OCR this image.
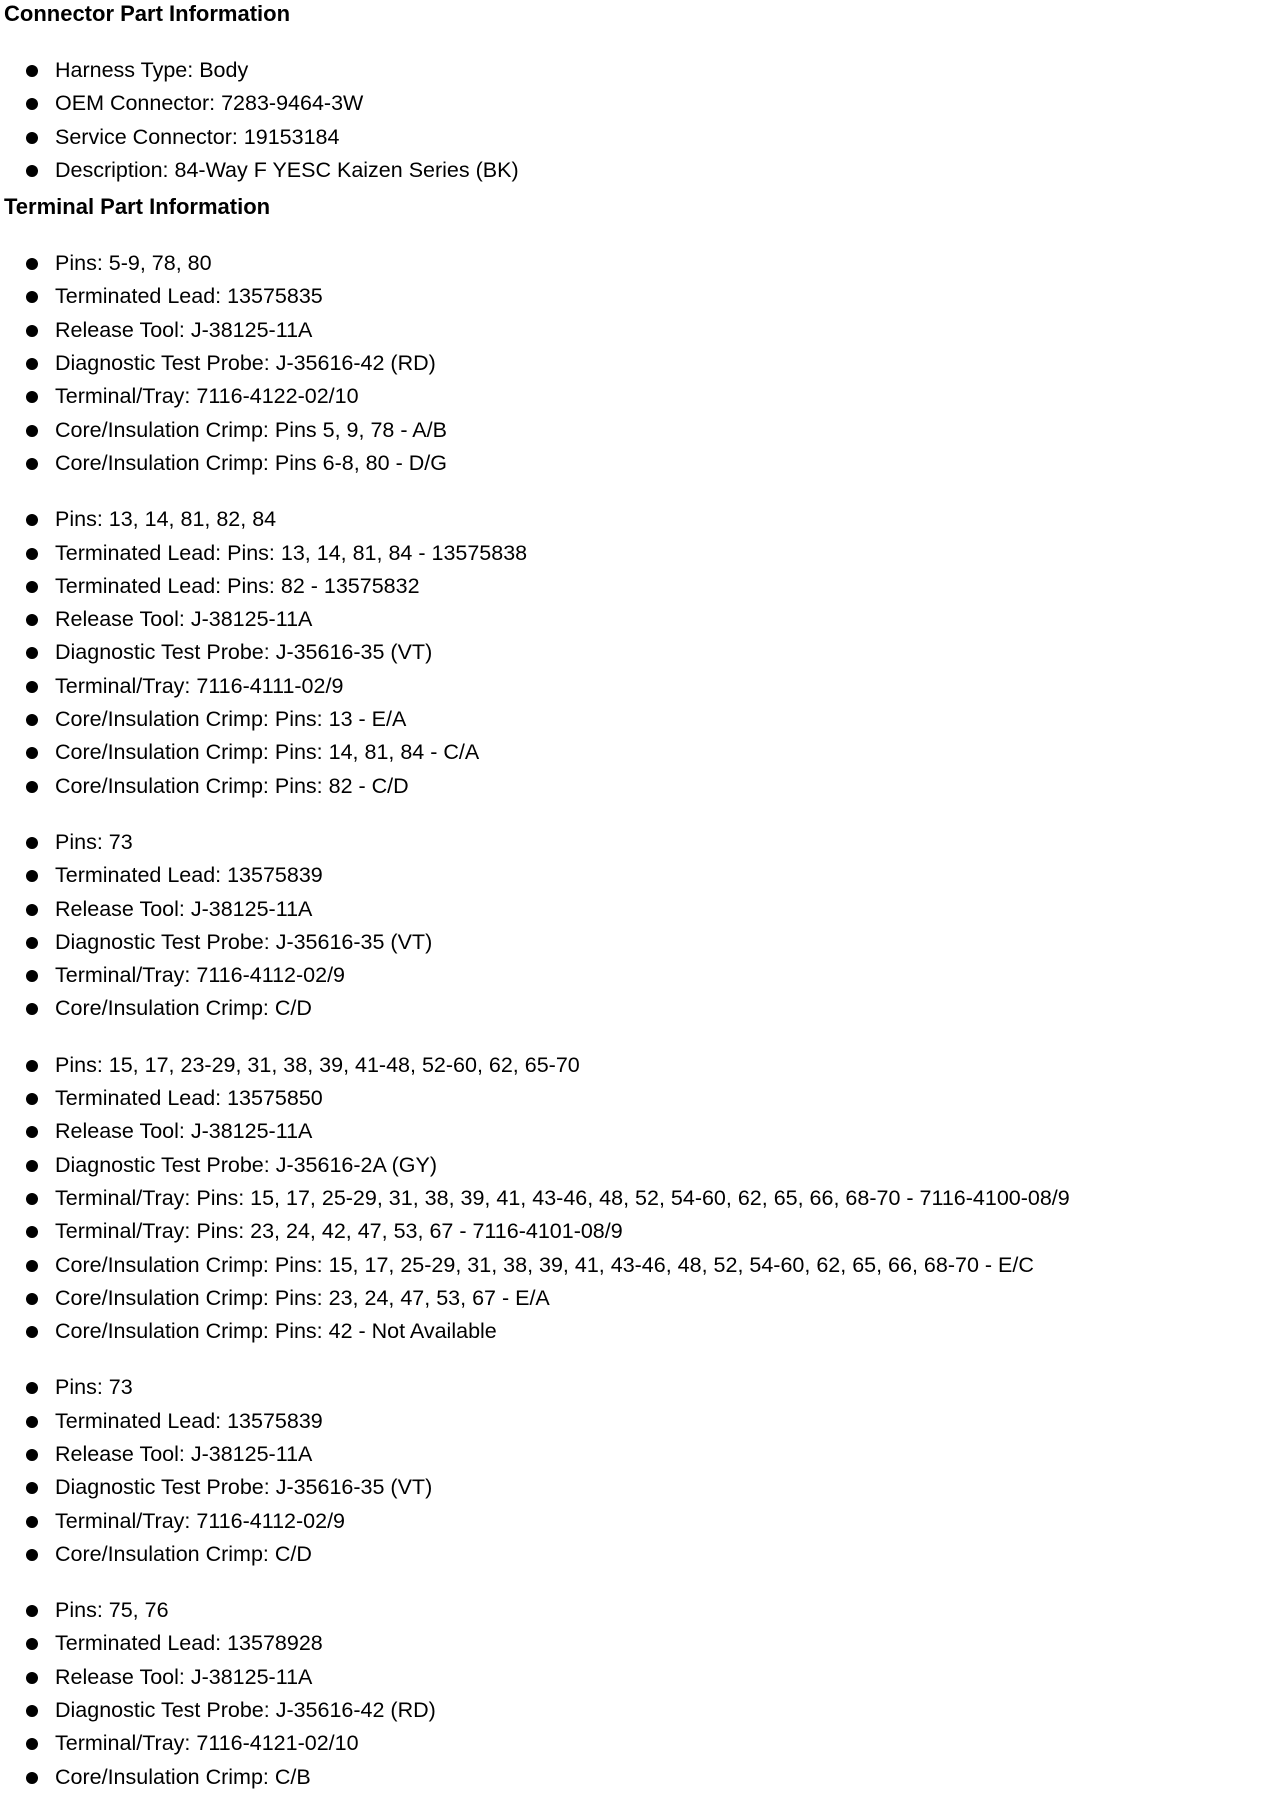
Connector Part Information
Harness Type: Body
OEM Connector: 7283-9464-3W
Service Connector: 19153184
Description: 84-Way F YESC Kaizen Series (BK)
Terminal Part Information
Pins: 5-9, 78, 80
Terminated Lead: 13575835
Release Tool: J-38125-11A
Diagnostic Test Probe: J-35616-42 (RD)
Terminal/Tray: 7116-4122-02/10
Core/Insulation Crimp: Pins 5, 9, 78 - A/B
Core/Insulation Crimp: Pins 6-8, 80 - D/G
Pins: 13, 14, 81, 82, 84
Terminated Lead: Pins: 13, 14, 81, 84 - 13575838
Terminated Lead: Pins: 82 - 13575832
Release Tool: J-38125-11A
Diagnostic Test Probe: J-35616-35 (VT)
Terminal/Tray: 7116-4111-02/9
Core/Insulation Crimp: Pins: 13 - E/A
Core/Insulation Crimp: Pins: 14, 81, 84 - C/A
Core/Insulation Crimp: Pins: 82 - C/D
Pins: 73
Terminated Lead: 13575839
Release Tool: J-38125-11A
Diagnostic Test Probe: J-35616-35 (VT)
Terminal/Tray: 7116-4112-02/9
Core/Insulation Crimp: C/D
Pins: 15, 17, 23-29, 31, 38, 39, 41-48, 52-60, 62, 65-70
Terminated Lead: 13575850
Release Tool: J-38125-11A
Diagnostic Test Probe: J-35616-2A (GY)
Terminal/Tray: Pins: 15, 17, 25-29, 31, 38, 39, 41, 43-46, 48, 52, 54-60, 62, 65, 66, 68-70 - 7116-4100-08/9
Terminal/Tray: Pins: 23, 24, 42, 47, 53, 67 - 7116-4101-08/9
Core/Insulation Crimp: Pins: 15, 17, 25-29, 31, 38, 39, 41, 43-46, 48, 52, 54-60, 62, 65, 66, 68-70 - E/C
Core/Insulation Crimp: Pins: 23, 24, 47, 53, 67 - E/A
Core/Insulation Crimp: Pins: 42 - Not Available
Pins: 73
Terminated Lead: 13575839
Release Tool: J-38125-11A
Diagnostic Test Probe: J-35616-35 (VT)
Terminal/Tray: 7116-4112-02/9
Core/Insulation Crimp: C/D
Pins: 75, 76
Terminated Lead: 13578928
Release Tool: J-38125-11A
Diagnostic Test Probe: J-35616-42 (RD)
Terminal/Tray: 7116-4121-02/10
Core/Insulation Crimp: C/B
